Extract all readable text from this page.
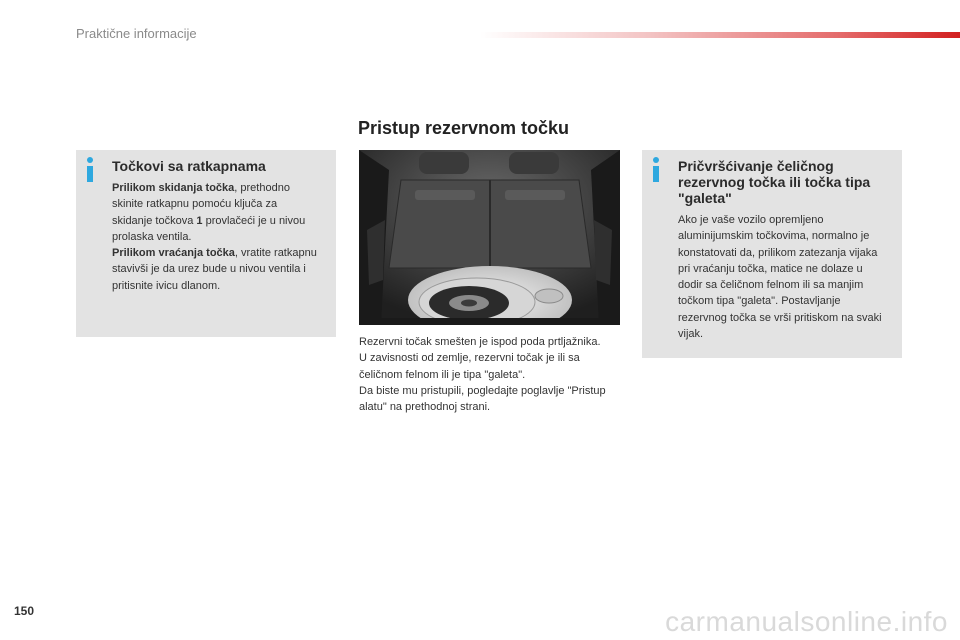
Praktične informacije
Pristup rezervnom točku
Točkovi sa ratkapnama
Prilikom skidanja točka, prethodno skinite ratkapnu pomoću ključa za skidanje točkova 1 provlačeći je u nivou prolaska ventila.
Prilikom vraćanja točka, vratite ratkapnu stavivši je da urez bude u nivou ventila i pritisnite ivicu dlanom.
Rezervni točak smešten je ispod poda prtljažnika.
U zavisnosti od zemlje, rezervni točak je ili sa čeličnom felnom ili je tipa "galeta".
Da biste mu pristupili, pogledajte poglavlje "Pristup alatu" na prethodnoj strani.
Pričvršćivanje čeličnog rezervnog točka ili točka tipa "galeta"
Ako je vaše vozilo opremljeno aluminijumskim točkovima, normalno je konstatovati da, prilikom zatezanja vijaka pri vraćanju točka, matice ne dolaze u dodir sa čeličnom felnom ili sa manjim točkom tipa "galeta". Postavljanje rezervnog točka se vrši pritiskom na svaki vijak.
150	carmanualsonline.info
